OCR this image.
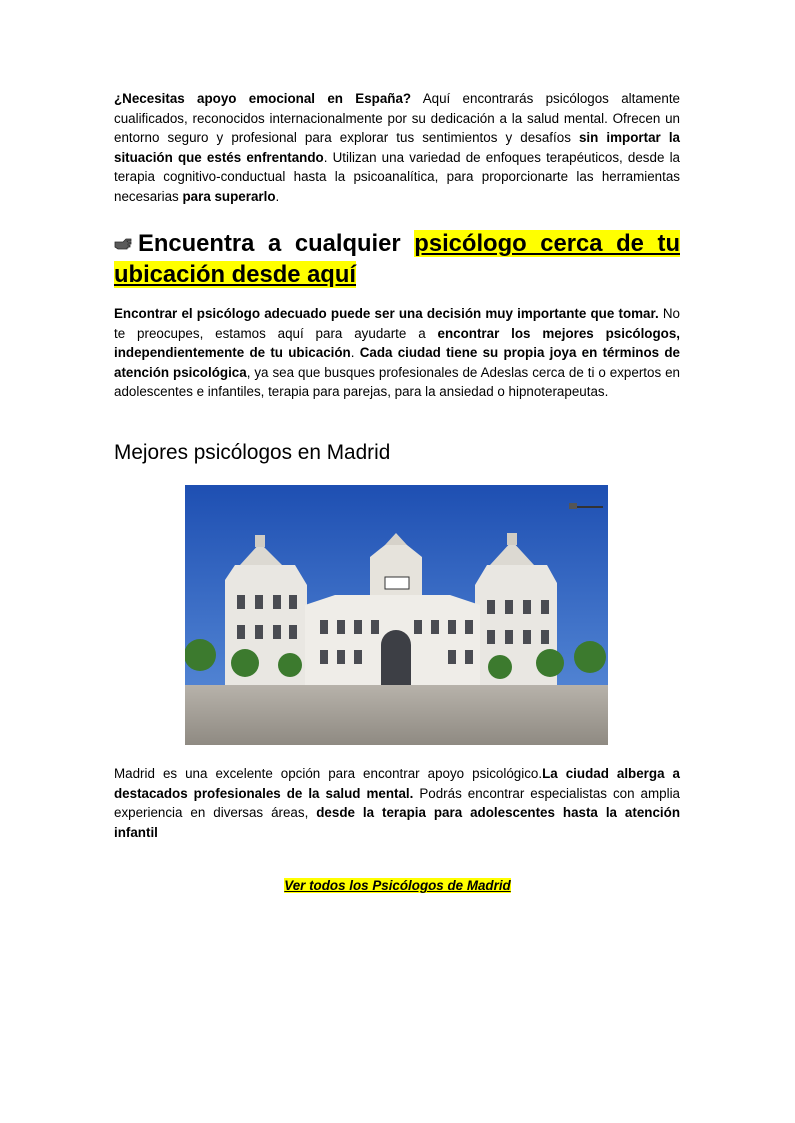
¿Necesitas apoyo emocional en España? Aquí encontrarás psicólogos altamente cualificados, reconocidos internacionalmente por su dedicación a la salud mental. Ofrecen un entorno seguro y profesional para explorar tus sentimientos y desafíos sin importar la situación que estés enfrentando. Utilizan una variedad de enfoques terapéuticos, desde la terapia cognitivo-conductual hasta la psicoanalítica, para proporcionarte las herramientas necesarias para superarlo.

Encuentra a cualquier psicólogo cerca de tu ubicación desde aquí

Encontrar el psicólogo adecuado puede ser una decisión muy importante que tomar. No te preocupes, estamos aquí para ayudarte a encontrar los mejores psicólogos, independientemente de tu ubicación. Cada ciudad tiene su propia joya en términos de atención psicológica, ya sea que busques profesionales de Adeslas cerca de ti o expertos en adolescentes e infantiles, terapia para parejas, para la ansiedad o hipnoterapeutas.

Mejores psicólogos en Madrid

Madrid es una excelente opción para encontrar apoyo psicológico.La ciudad alberga a destacados profesionales de la salud mental. Podrás encontrar especialistas con amplia experiencia en diversas áreas, desde la terapia para adolescentes hasta la atención infantil

Ver todos los Psicólogos de Madrid
